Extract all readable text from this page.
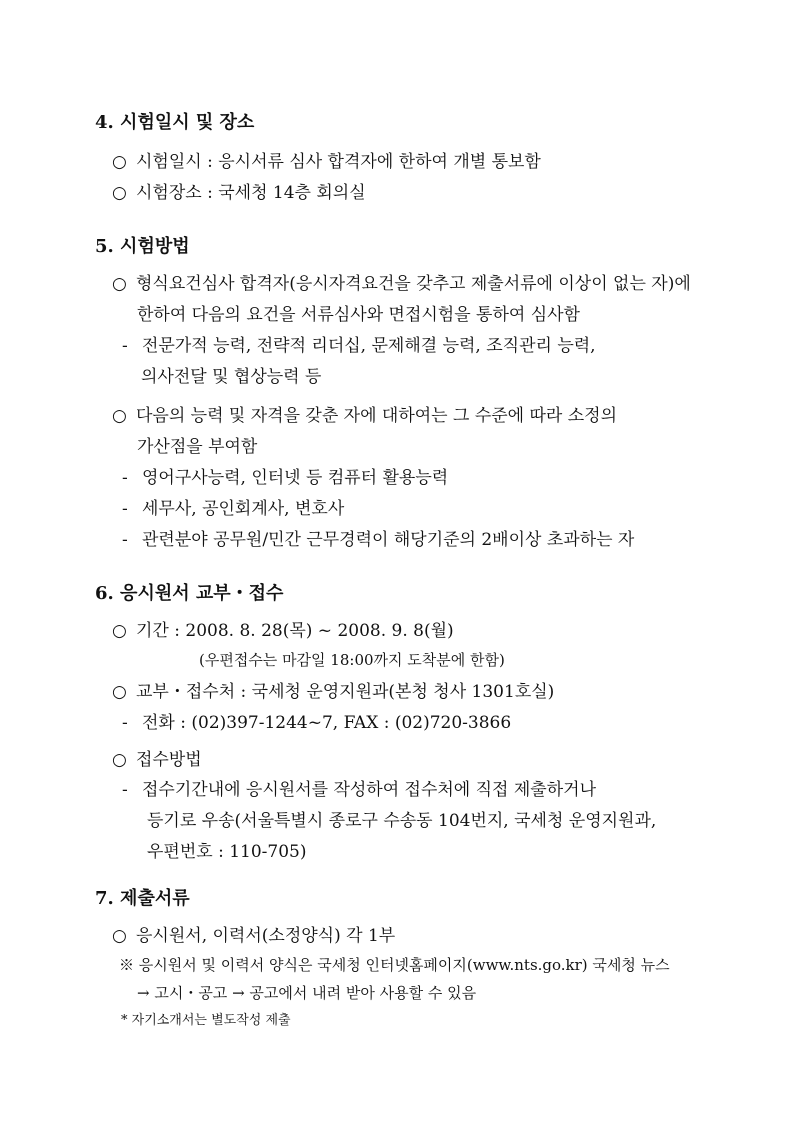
4. 시험일시 및 장소
○ 시험일시 : 응시서류 심사 합격자에 한하여 개별 통보함
○ 시험장소 : 국세청 14층 회의실
5. 시험방법
○ 형식요건심사 합격자(응시자격요건을 갖추고 제출서류에 이상이 없는 자)에
한하여 다음의 요건을 서류심사와 면접시험을 통하여 심사함
- 전문가적 능력, 전략적 리더십, 문제해결 능력, 조직관리 능력,
의사전달 및 협상능력 등
○ 다음의 능력 및 자격을 갖춘 자에 대하여는 그 수준에 따라 소정의
가산점을 부여함
- 영어구사능력, 인터넷 등 컴퓨터 활용능력
- 세무사, 공인회계사, 변호사
- 관련분야 공무원/민간 근무경력이 해당기준의 2배이상 초과하는 자
6. 응시원서 교부・접수
○ 기간 : 2008. 8. 28(목) ~ 2008. 9. 8(월)
(우편접수는 마감일 18:00까지 도착분에 한함)
○ 교부・접수처 : 국세청 운영지원과(본청 청사 1301호실)
- 전화 : (02)397-1244~7, FAX : (02)720-3866
○ 접수방법
- 접수기간내에 응시원서를 작성하여 접수처에 직접 제출하거나
등기로 우송(서울특별시 종로구 수송동 104번지, 국세청 운영지원과,
우편번호 : 110-705)
7. 제출서류
○ 응시원서, 이력서(소정양식) 각 1부
※ 응시원서 및 이력서 양식은 국세청 인터넷홈페이지(www.nts.go.kr) 국세청 뉴스
→ 고시・공고 → 공고에서 내려 받아 사용할 수 있음
* 자기소개서는 별도작성 제출
